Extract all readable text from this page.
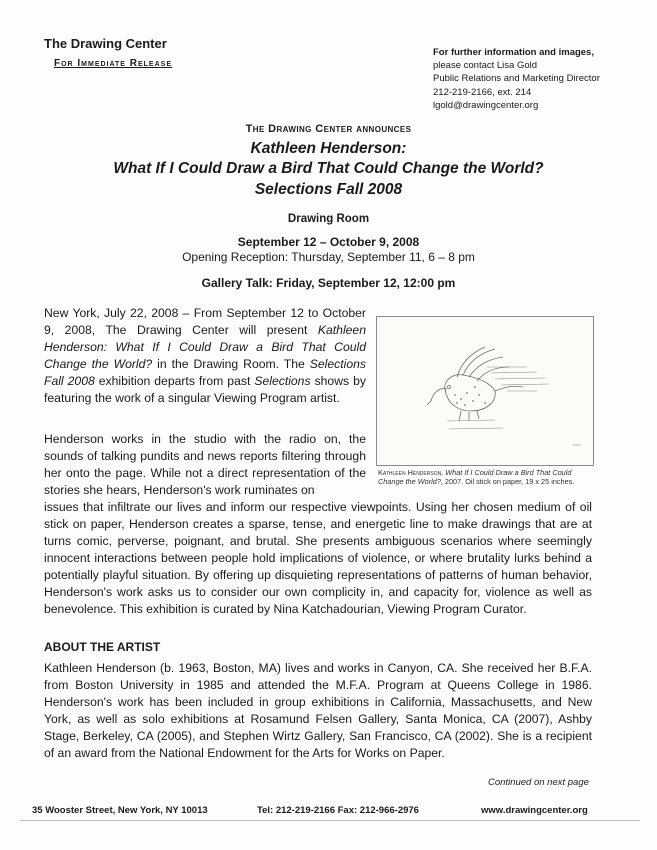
The Drawing Center
For Immediate Release
For further information and images,
please contact Lisa Gold
Public Relations and Marketing Director
212-219-2166, ext. 214
lgold@drawingcenter.org
The Drawing Center announces
Kathleen Henderson:
What If I Could Draw a Bird That Could Change the World?
Selections Fall 2008
Drawing Room
September 12 – October 9, 2008
Opening Reception: Thursday, September 11, 6 – 8 pm
Gallery Talk: Friday, September 12, 12:00 pm
New York, July 22, 2008 – From September 12 to October 9, 2008, The Drawing Center will present Kathleen Henderson: What If I Could Draw a Bird That Could Change the World? in the Drawing Room. The Selections Fall 2008 exhibition departs from past Selections shows by featuring the work of a singular Viewing Program artist.
Kathleen Henderson, What If I Could Draw a Bird That Could Change the World?, 2007. Oil stick on paper, 19 x 25 inches.
Henderson works in the studio with the radio on, the sounds of talking pundits and news reports filtering through her onto the page. While not a direct representation of the stories she hears, Henderson's work ruminates on
issues that infiltrate our lives and inform our respective viewpoints. Using her chosen medium of oil stick on paper, Henderson creates a sparse, tense, and energetic line to make drawings that are at turns comic, perverse, poignant, and brutal. She presents ambiguous scenarios where seemingly innocent interactions between people hold implications of violence, or where brutality lurks behind a potentially playful situation. By offering up disquieting representations of patterns of human behavior, Henderson's work asks us to consider our own complicity in, and capacity for, violence as well as benevolence. This exhibition is curated by Nina Katchadourian, Viewing Program Curator.
ABOUT THE ARTIST
Kathleen Henderson (b. 1963, Boston, MA) lives and works in Canyon, CA. She received her B.F.A. from Boston University in 1985 and attended the M.F.A. Program at Queens College in 1986. Henderson's work has been included in group exhibitions in California, Massachusetts, and New York, as well as solo exhibitions at Rosamund Felsen Gallery, Santa Monica, CA (2007), Ashby Stage, Berkeley, CA (2005), and Stephen Wirtz Gallery, San Francisco, CA (2002). She is a recipient of an award from the National Endowment for the Arts for Works on Paper.
Continued on next page
35 Wooster Street, New York, NY 10013	Tel: 212-219-2166 Fax: 212-966-2976	www.drawingcenter.org
